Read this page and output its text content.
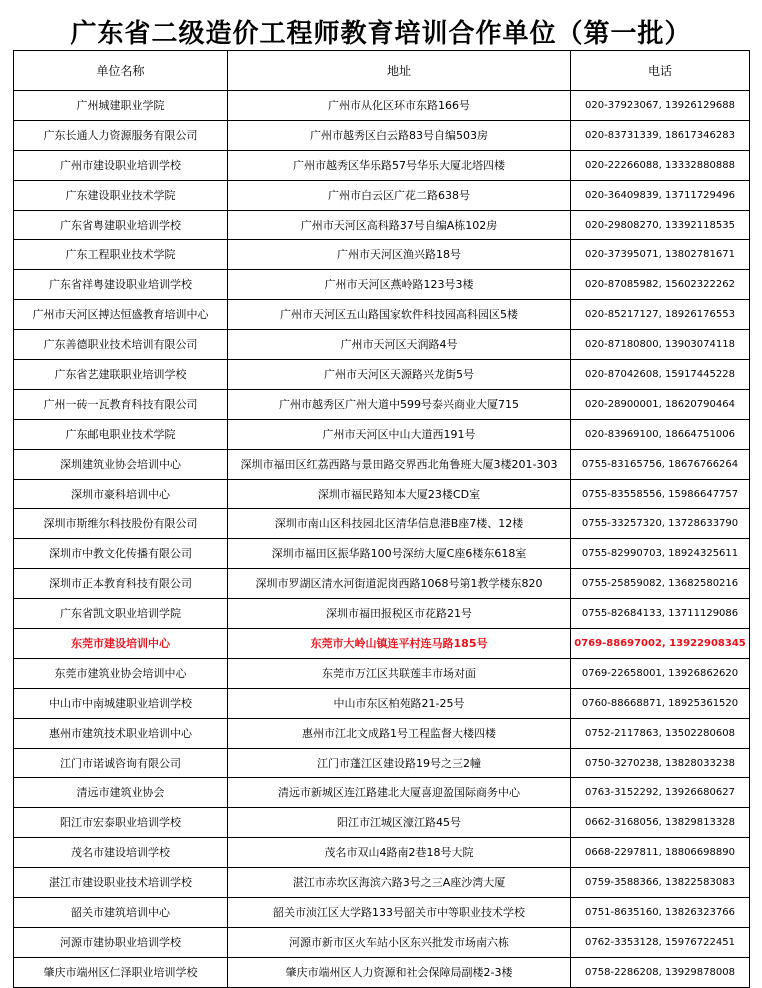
广东省二级造价工程师教育培训合作单位（第一批）
单位名称	地址	电话
广州城建职业学院	广州市从化区环市东路166号	020-37923067, 13926129688
广东长通人力资源服务有限公司	广州市越秀区白云路83号自编503房	020-83731339, 18617346283
广州市建设职业培训学校	广州市越秀区华乐路57号华乐大厦北塔四楼	020-22266088, 13332880888
广东建设职业技术学院	广州市白云区广花二路638号	020-36409839, 13711729496
广东省粤建职业培训学校	广州市天河区高科路37号自编A栋102房	020-29808270, 13392118535
广东工程职业技术学院	广州市天河区渔兴路18号	020-37395071, 13802781671
广东省祥粤建设职业培训学校	广州市天河区燕岭路123号3楼	020-87085982, 15602322262
广州市天河区搏达恒盛教育培训中心	广州市天河区五山路国家软件科技园高科园区5楼	020-85217127, 18926176553
广东善德职业技术培训有限公司	广州市天河区天润路4号	020-87180800, 13903074118
广东省艺建联职业培训学校	广州市天河区天源路兴龙街5号	020-87042608, 15917445228
广州一砖一瓦教育科技有限公司	广州市越秀区广州大道中599号泰兴商业大厦715	020-28900001, 18620790464
广东邮电职业技术学院	广州市天河区中山大道西191号	020-83969100, 18664751006
深圳建筑业协会培训中心	深圳市福田区红荔西路与景田路交界西北角鲁班大厦3楼201-303	0755-83165756, 18676766264
深圳市豪科培训中心	深圳市福民路知本大厦23楼CD室	0755-83558556, 15986647757
深圳市斯维尔科技股份有限公司	深圳市南山区科技园北区清华信息港B座7楼、12楼	0755-33257320, 13728633790
深圳市中教文化传播有限公司	深圳市福田区振华路100号深纺大厦C座6楼东618室	0755-82990703, 18924325611
深圳市正本教育科技有限公司	深圳市罗湖区清水河街道泥岗西路1068号第1教学楼东820	0755-25859082, 13682580216
广东省凯文职业培训学院	深圳市福田报税区市花路21号	0755-82684133, 13711129086
东莞市建设培训中心	东莞市大岭山镇连平村连马路185号	0769-88697002, 13922908345
东莞市建筑业协会培训中心	东莞市万江区共联莲丰市场对面	0769-22658001, 13926862620
中山市中南城建职业培训学校	中山市东区柏苑路21-25号	0760-88668871, 18925361520
惠州市建筑技术职业培训中心	惠州市江北文成路1号工程监督大楼四楼	0752-2117863, 13502280608
江门市诺诚咨询有限公司	江门市蓬江区建设路19号之三2幢	0750-3270238, 13828033238
清远市建筑业协会	清远市新城区连江路建北大厦喜迎盈国际商务中心	0763-3152292, 13926680627
阳江市宏泰职业培训学校	阳江市江城区濠江路45号	0662-3168056, 13829813328
茂名市建设培训学校	茂名市双山4路南2巷18号大院	0668-2297811, 18806698890
湛江市建设职业技术培训学校	湛江市赤坎区海滨六路3号之三A座沙湾大厦	0759-3588366, 13822583083
韶关市建筑培训中心	韶关市浈江区大学路133号韶关市中等职业技术学校	0751-8635160, 13826323766
河源市建协职业培训学校	河源市新市区火车站小区东兴批发市场南六栋	0762-3353128, 15976722451
肇庆市端州区仁泽职业培训学校	肇庆市端州区人力资源和社会保障局副楼2-3楼	0758-2286208, 13929878008
